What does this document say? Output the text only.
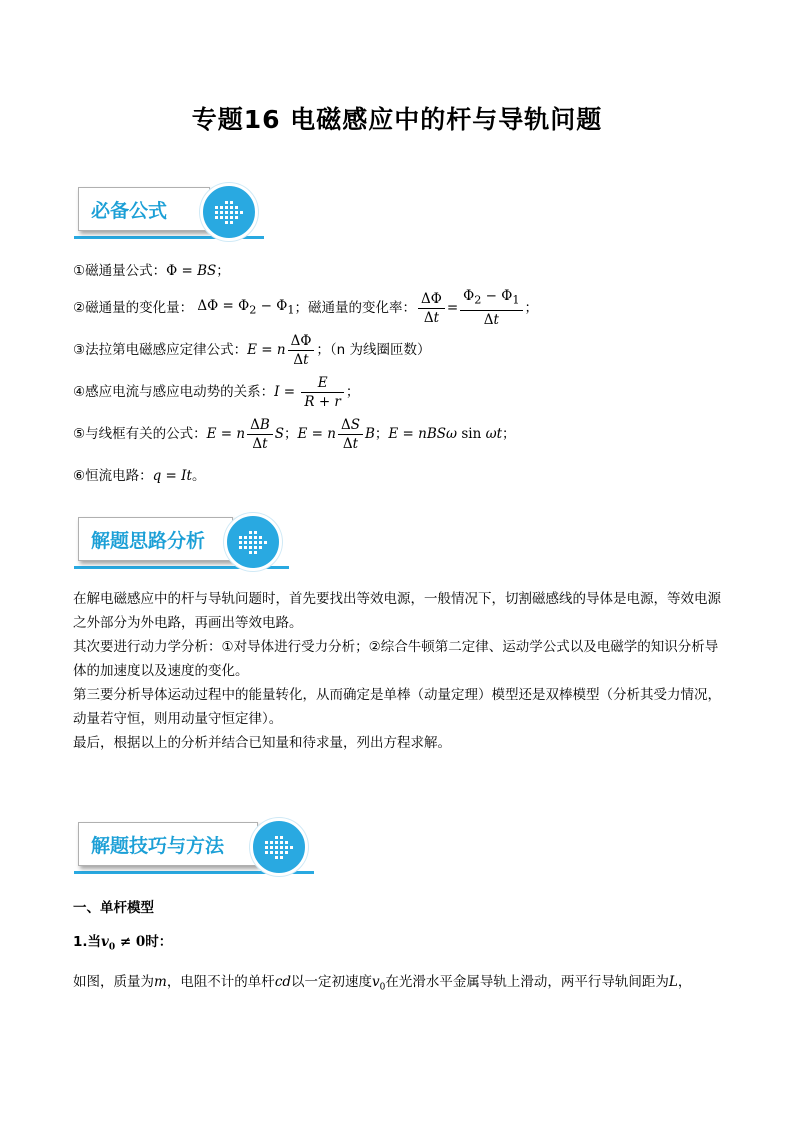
专题16 电磁感应中的杆与导轨问题
必备公式
①磁通量公式：Φ = BS；
②磁通量的变化量： $\Delta\Phi = \Phi_2 - \Phi_1$ ；磁通量的变化率： $\frac{\Delta\Phi}{\Delta t} = \frac{\Phi_2 - \Phi_1}{\Delta t}$ ；
③法拉第电磁感应定律公式： E = n $\frac{\Delta\Phi}{\Delta t}$ ；（n 为线圈匝数）
④感应电流与感应电动势的关系： $I = \frac{E}{R + r}$ ；
⑤与线框有关的公式： E = n $\frac{\Delta B}{\Delta t}$ S ； E = n $\frac{\Delta S}{\Delta t}$ B ； E = nBSω sin ωt ；
⑥恒流电路：q = It。
解题思路分析

在解电磁感应中的杆与导轨问题时，首先要找出等效电源，一般情况下，切割磁感线的导体是电源，等效电源之外部分为外电路，再画出等效电路。

其次要进行动力学分析：①对导体进行受力分析；②综合牛顿第二定律、运动学公式以及电磁学的知识分析导体的加速度以及速度的变化。

第三要分析导体运动过程中的能量转化，从而确定是单棒（动量定理）模型还是双棒模型（分析其受力情况，动量若守恒，则用动量守恒定律）。

最后，根据以上的分析并结合已知量和待求量，列出方程求解。

解题技巧与方法
一、单杆模型
1.当$v_0 \ne 0$时：
如图，质量为m，电阻不计的单杆cd以一定初速度$v_0$在光滑水平金属导轨上滑动，两平行导轨间距为L，
